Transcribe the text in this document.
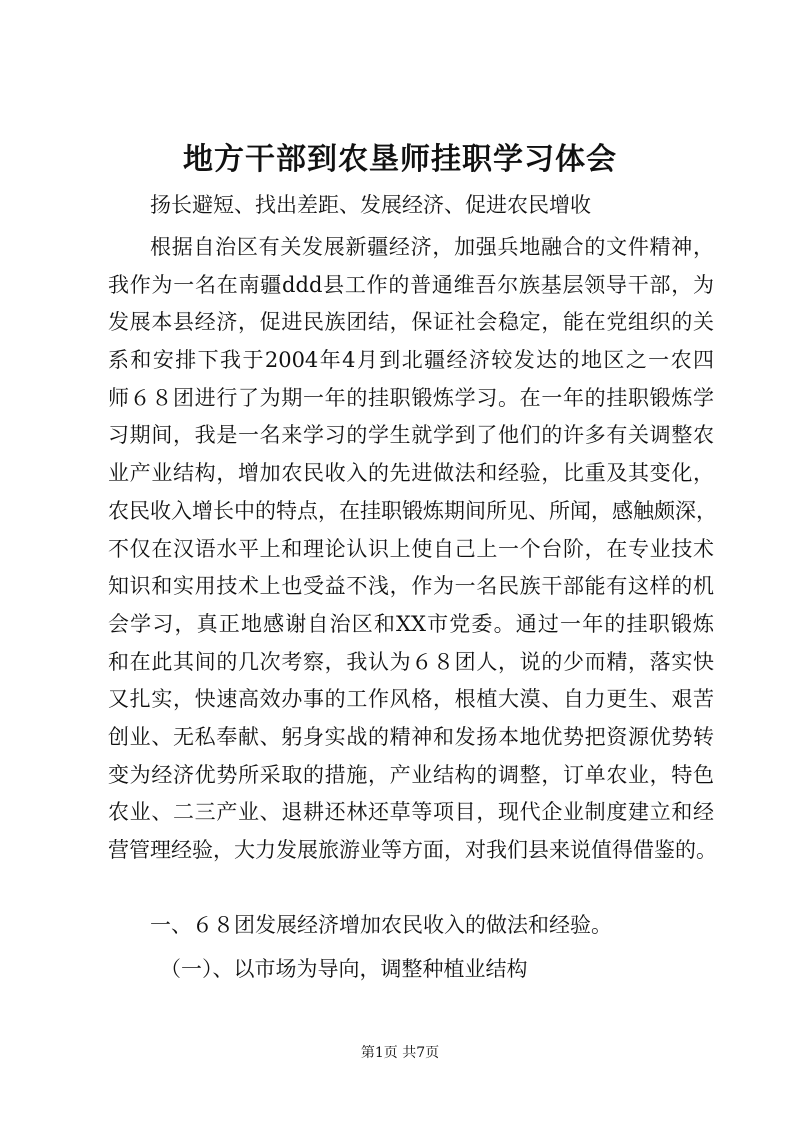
地方干部到农垦师挂职学习体会
扬长避短、找出差距、发展经济、促进农民增收
根据自治区有关发展新疆经济，加强兵地融合的文件精神，
我作为一名在南疆ddd县工作的普通维吾尔族基层领导干部，为
发展本县经济，促进民族团结，保证社会稳定，能在党组织的关
系和安排下我于2004年4月到北疆经济较发达的地区之一农四
师６８团进行了为期一年的挂职锻炼学习。在一年的挂职锻炼学
习期间，我是一名来学习的学生就学到了他们的许多有关调整农
业产业结构，增加农民收入的先进做法和经验，比重及其变化，
农民收入增长中的特点，在挂职锻炼期间所见、所闻，感触颇深，
不仅在汉语水平上和理论认识上使自己上一个台阶，在专业技术
知识和实用技术上也受益不浅，作为一名民族干部能有这样的机
会学习，真正地感谢自治区和XX市党委。通过一年的挂职锻炼
和在此其间的几次考察，我认为６８团人，说的少而精，落实快
又扎实，快速高效办事的工作风格，根植大漠、自力更生、艰苦
创业、无私奉献、躬身实战的精神和发扬本地优势把资源优势转
变为经济优势所采取的措施，产业结构的调整，订单农业，特色
农业、二三产业、退耕还林还草等项目，现代企业制度建立和经
营管理经验，大力发展旅游业等方面，对我们县来说值得借鉴的。
一、６８团发展经济增加农民收入的做法和经验。
（一）、以市场为导向，调整种植业结构
第1页 共7页
